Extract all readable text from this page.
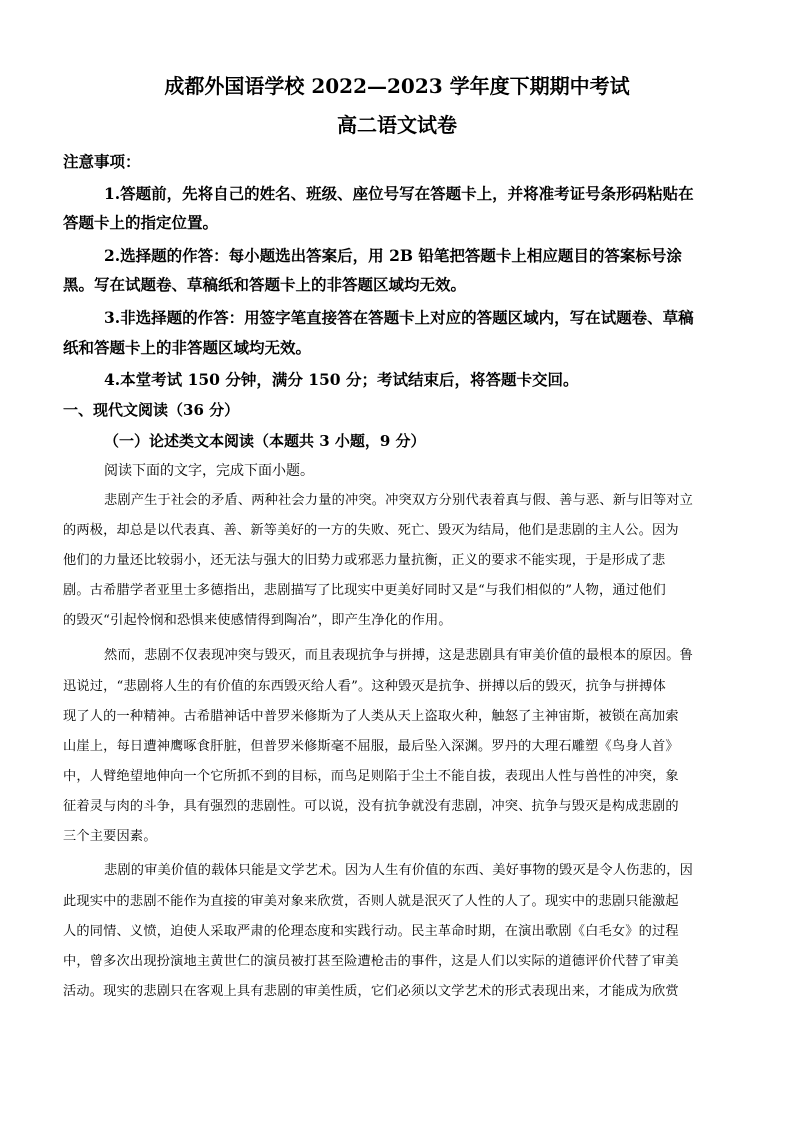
成都外国语学校 2022—2023 学年度下期期中考试
高二语文试卷

注意事项：

1.答题前，先将自己的姓名、班级、座位号写在答题卡上，并将准考证号条形码粘贴在

答题卡上的指定位置。

2.选择题的作答：每小题选出答案后，用 2B 铅笔把答题卡上相应题目的答案标号涂

黑。写在试题卷、草稿纸和答题卡上的非答题区域均无效。

3.非选择题的作答：用签字笔直接答在答题卡上对应的答题区域内，写在试题卷、草稿

纸和答题卡上的非答题区域均无效。

4.本堂考试 150 分钟，满分 150 分；考试结束后，将答题卡交回。

一、现代文阅读（36 分）

（一）论述类文本阅读（本题共 3 小题，9 分）

阅读下面的文字，完成下面小题。

悲剧产生于社会的矛盾、两种社会力量的冲突。冲突双方分别代表着真与假、善与恶、新与旧等对立

的两极，却总是以代表真、善、新等美好的一方的失败、死亡、毁灭为结局，他们是悲剧的主人公。因为

他们的力量还比较弱小，还无法与强大的旧势力或邪恶力量抗衡，正义的要求不能实现，于是形成了悲

剧。古希腊学者亚里士多德指出，悲剧描写了比现实中更美好同时又是“与我们相似的”人物，通过他们

的毁灭“引起怜悯和恐惧来使感情得到陶冶”，即产生净化的作用。

然而，悲剧不仅表现冲突与毁灭，而且表现抗争与拼搏，这是悲剧具有审美价值的最根本的原因。鲁

迅说过，“悲剧将人生的有价值的东西毁灭给人看”。这种毁灭是抗争、拼搏以后的毁灭，抗争与拼搏体

现了人的一种精神。古希腊神话中普罗米修斯为了人类从天上盗取火种，触怒了主神宙斯，被锁在高加索

山崖上，每日遭神鹰啄食肝脏，但普罗米修斯毫不屈服，最后坠入深渊。罗丹的大理石雕塑《鸟身人首》

中，人臂绝望地伸向一个它所抓不到的目标，而鸟足则陷于尘土不能自拔，表现出人性与兽性的冲突，象

征着灵与肉的斗争，具有强烈的悲剧性。可以说，没有抗争就没有悲剧，冲突、抗争与毁灭是构成悲剧的

三个主要因素。

悲剧的审美价值的载体只能是文学艺术。因为人生有价值的东西、美好事物的毁灭是令人伤悲的，因

此现实中的悲剧不能作为直接的审美对象来欣赏，否则人就是泯灭了人性的人了。现实中的悲剧只能激起

人的同情、义愤，迫使人采取严肃的伦理态度和实践行动。民主革命时期，在演出歌剧《白毛女》的过程

中，曾多次出现扮演地主黄世仁的演员被打甚至险遭枪击的事件，这是人们以实际的道德评价代替了审美

活动。现实的悲剧只在客观上具有悲剧的审美性质，它们必须以文学艺术的形式表现出来，才能成为欣赏
